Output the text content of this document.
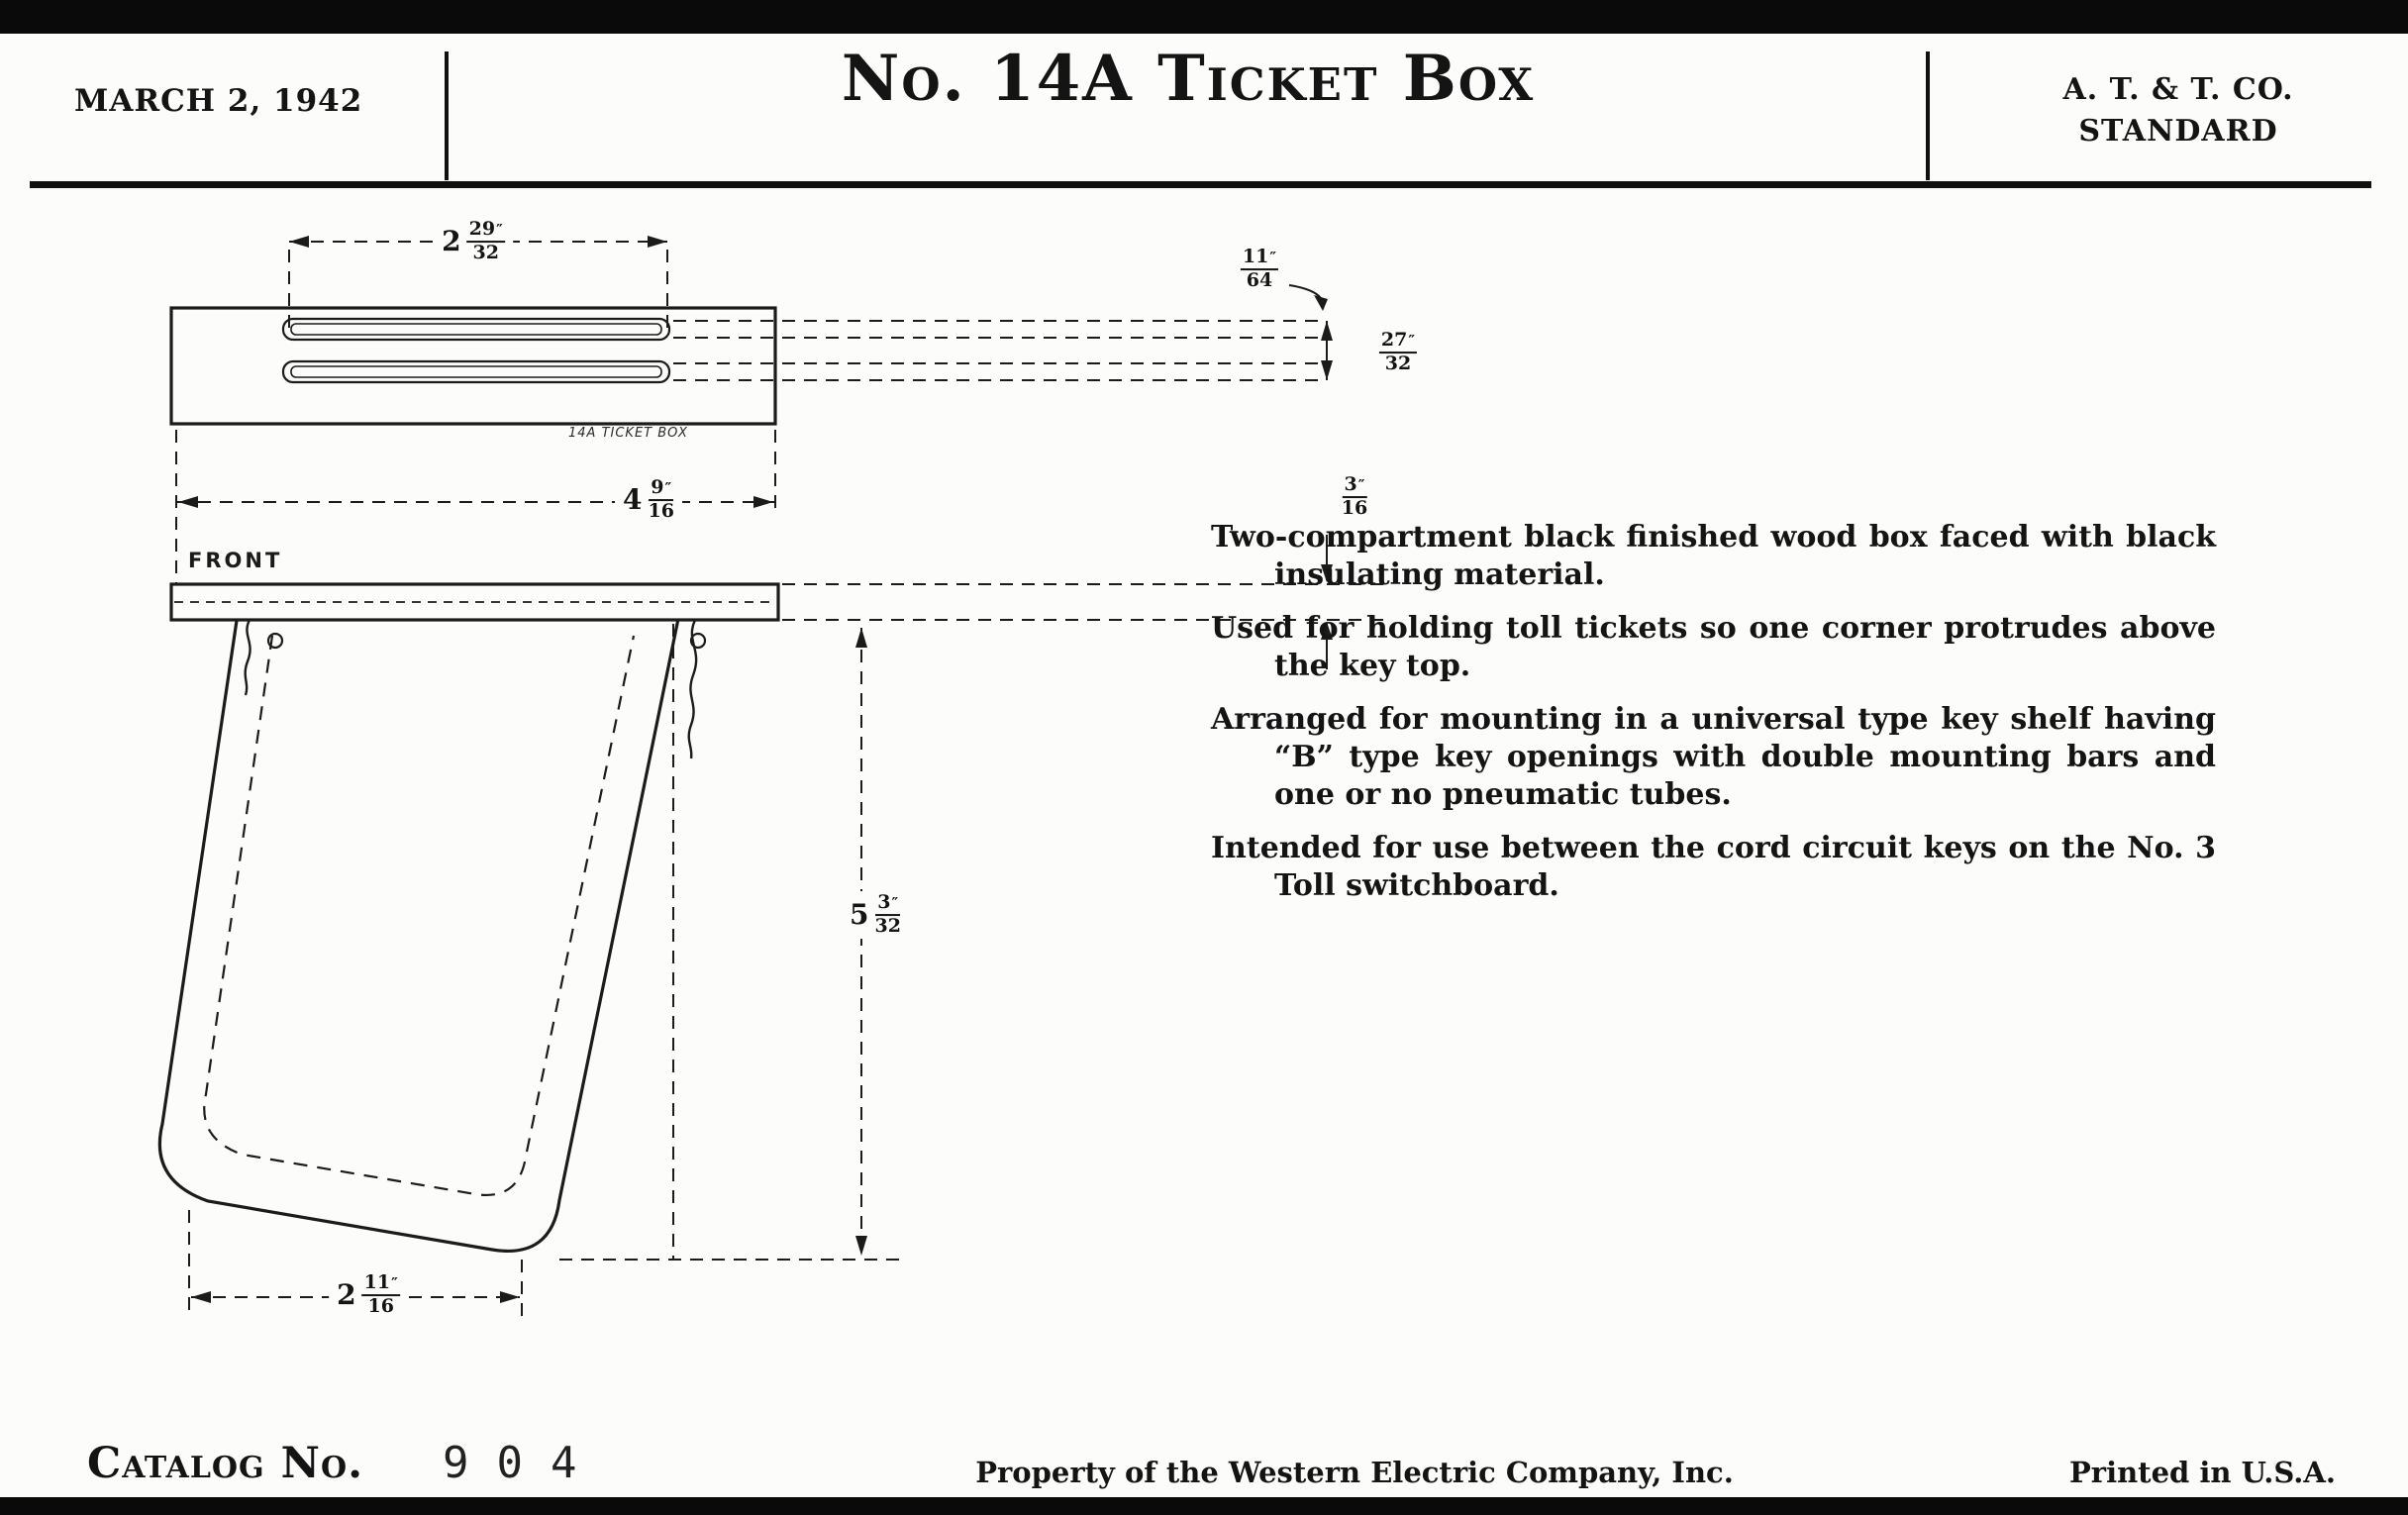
MARCH 2, 1942	No. 14A Ticket Box	A. T. & T. CO.
STANDARD
$2 \frac{29 ''}{32}$
$\frac{11 ''}{64}$
$\frac{27 ''}{32}$
$4 \frac{9 ''}{16}$	$\frac{3 ''}{16}$
$5 \frac{3 ''}{32}$
$2 \frac{11 ''}{16}$
FRONT
14A TICKET BOX

Two-compartment black finished wood box faced with black insulating material.

Used for holding toll tickets so one corner protrudes above the key top.

Arranged for mounting in a universal type key shelf having “B” type key openings with double mounting bars and one or no pneumatic tubes.

Intended for use between the cord circuit keys on the No. 3 Toll switchboard.

Catalog No. 904	Property of the Western Electric Company, Inc.	Printed in U.S.A.
